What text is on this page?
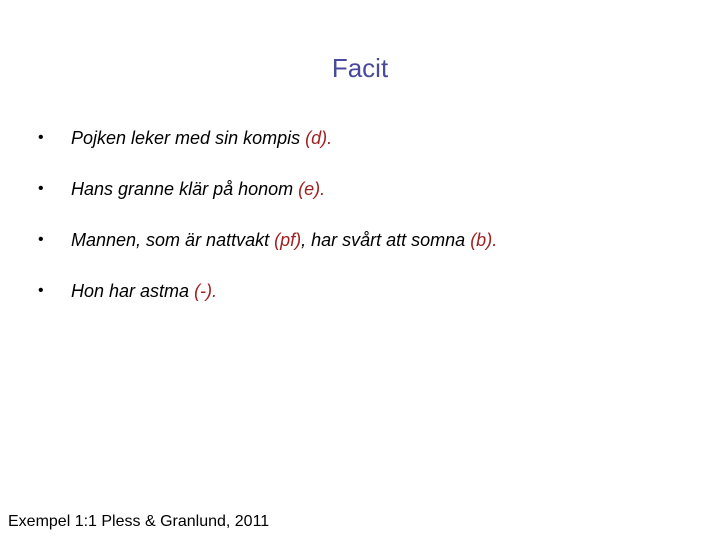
Facit
• Pojken leker med sin kompis (d).
• Hans granne klär på honom (e).
• Mannen, som är nattvakt (pf), har svårt att somna (b).
• Hon har astma (-).
Exempel 1:1 Pless & Granlund, 2011
